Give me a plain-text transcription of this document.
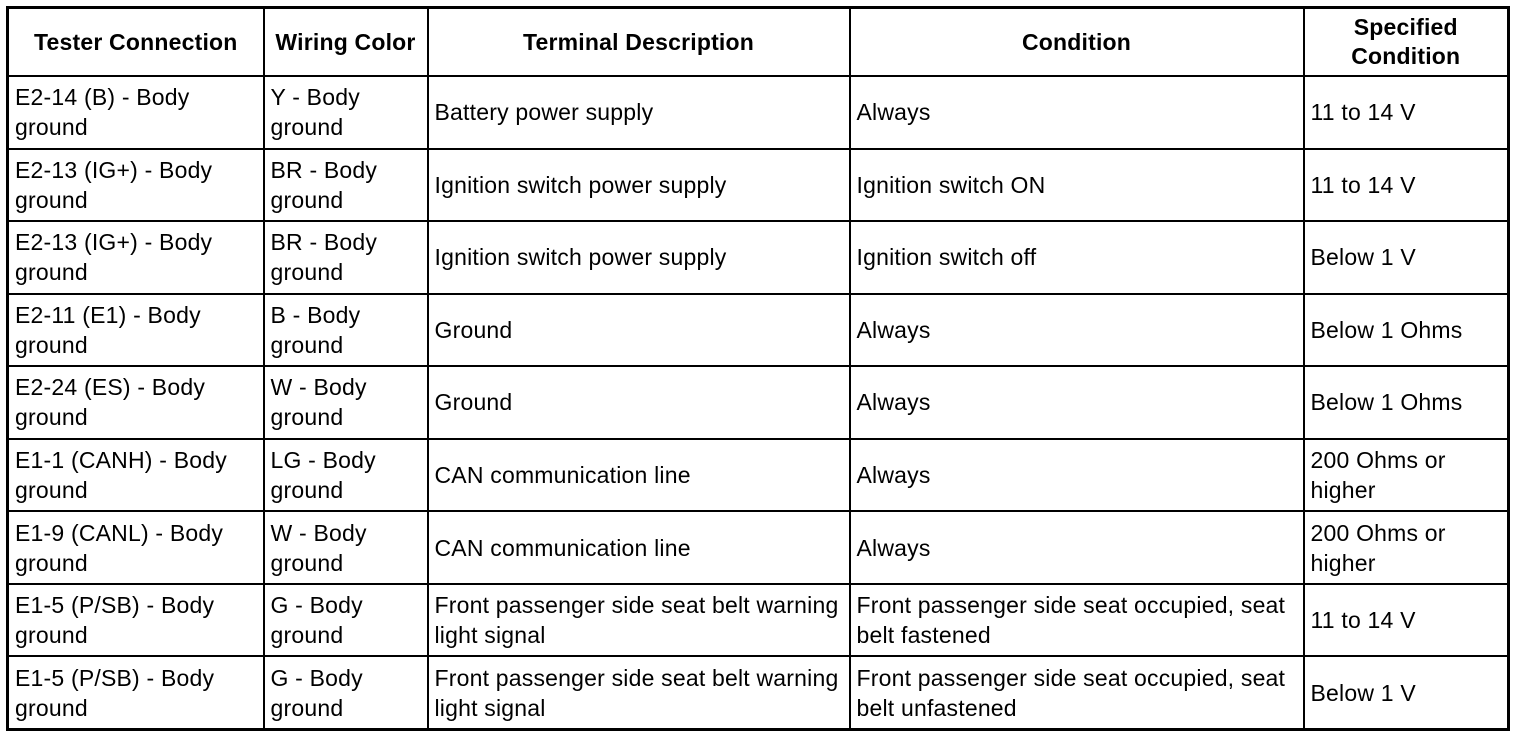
Tester Connection	Wiring Color	Terminal Description	Condition	Specified Condition
E2-14 (B) - Body ground	Y - Body ground	Battery power supply	Always	11 to 14 V
E2-13 (IG+) - Body ground	BR - Body ground	Ignition switch power supply	Ignition switch ON	11 to 14 V
E2-13 (IG+) - Body ground	BR - Body ground	Ignition switch power supply	Ignition switch off	Below 1 V
E2-11 (E1) - Body ground	B - Body ground	Ground	Always	Below 1 Ohms
E2-24 (ES) - Body ground	W - Body ground	Ground	Always	Below 1 Ohms
E1-1 (CANH) - Body ground	LG - Body ground	CAN communication line	Always	200 Ohms or higher
E1-9 (CANL) - Body ground	W - Body ground	CAN communication line	Always	200 Ohms or higher
E1-5 (P/SB) - Body ground	G - Body ground	Front passenger side seat belt warning light signal	Front passenger side seat occupied, seat belt fastened	11 to 14 V
E1-5 (P/SB) - Body ground	G - Body ground	Front passenger side seat belt warning light signal	Front passenger side seat occupied, seat belt unfastened	Below 1 V
